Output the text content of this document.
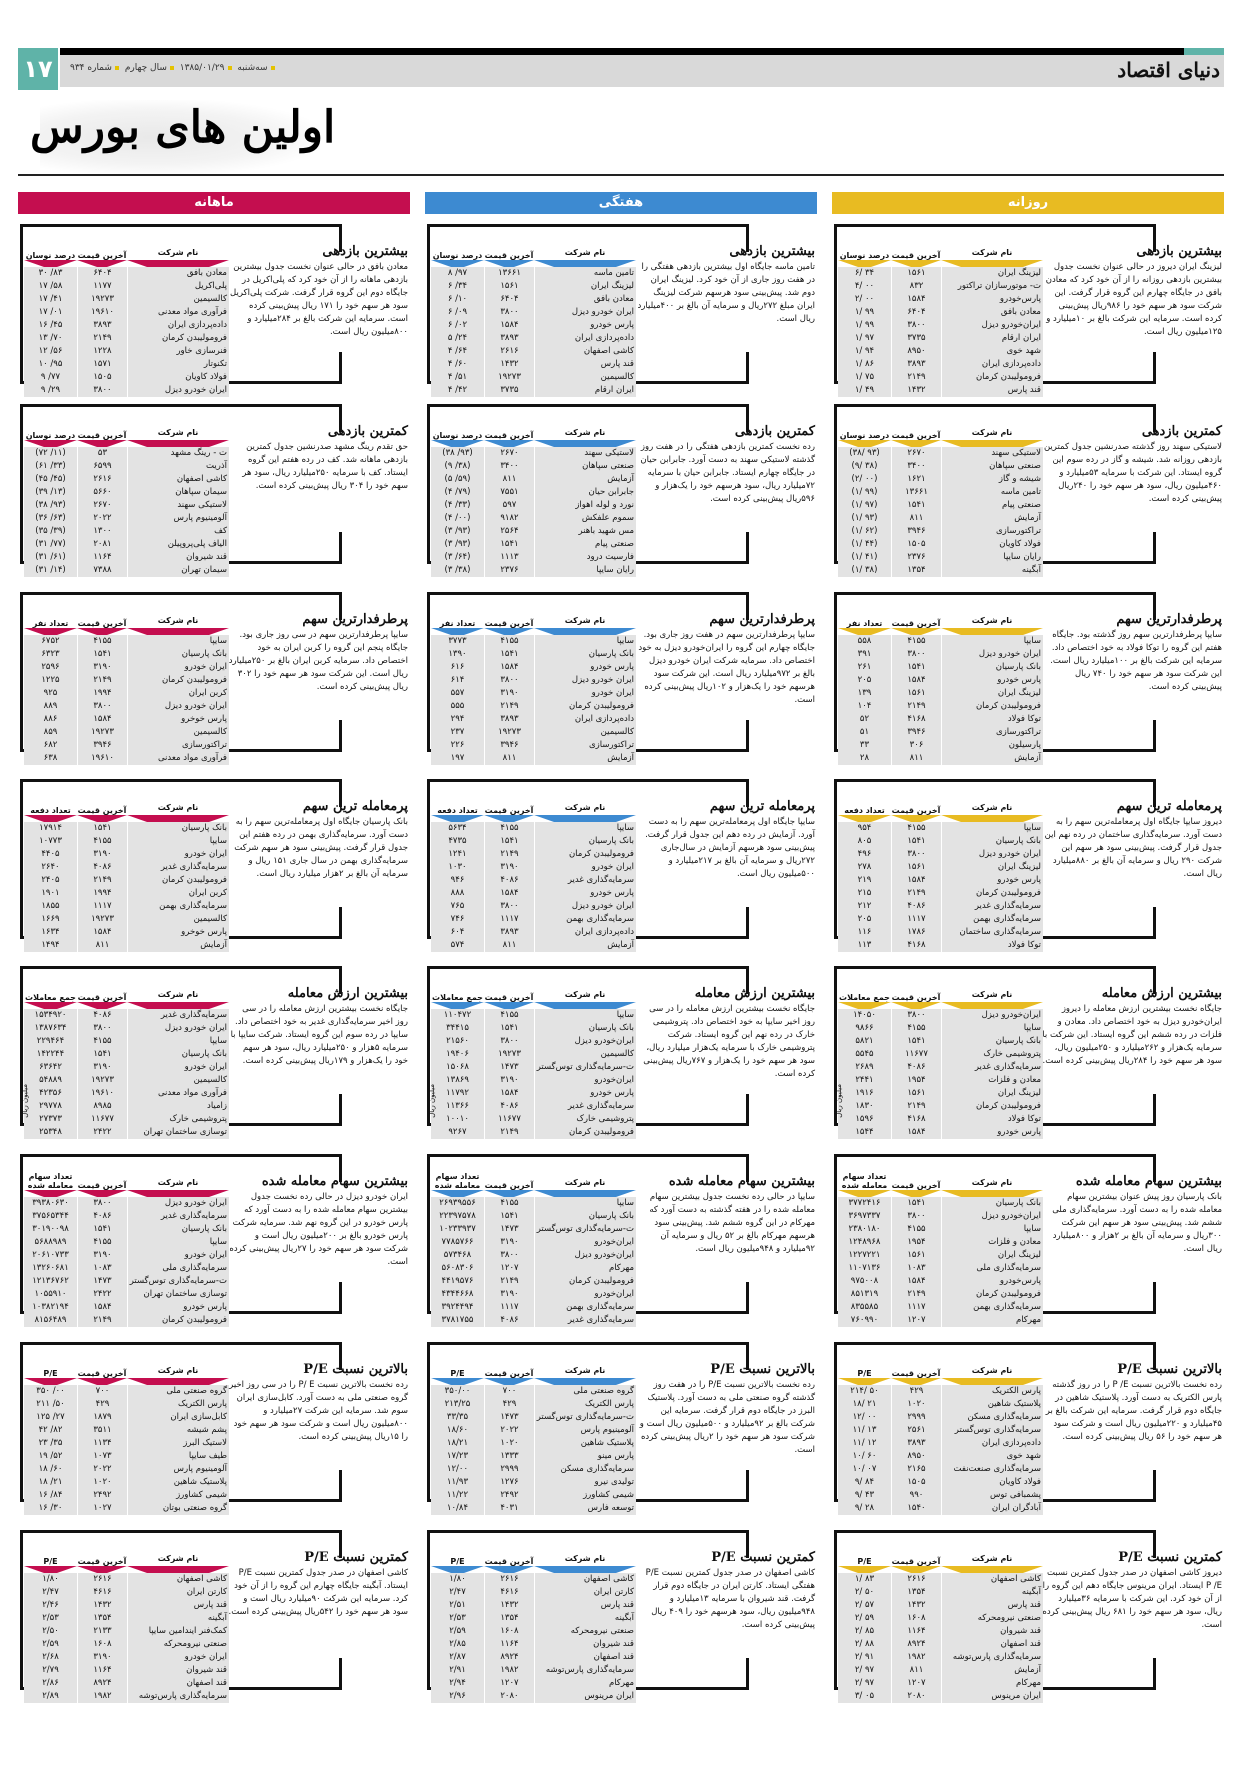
۱۷	سه‌شنبه ۱۳۸۵/۰۱/۲۹ سال چهارم شماره ۹۳۴	دنیای اقتصاد
اولین های بورس
روزانه
نام شرکت
آخرین قیمت
درصد نوسان
لیزینگ ایران
۱۵۶۱
۶/ ۳۴
ت- موتورسازان تراکتور
۸۳۲
۴/ ۰۰
پارس‌خودرو
۱۵۸۴
۲/ ۰۰
معادن بافق
۶۴۰۴
۱/ ۹۹
ایران‌خودرو دیزل
۳۸۰۰
۱/ ۹۹
ایران ارقام
۳۷۳۵
۱/ ۹۷
شهد خوی
۸۹۵۰
۱/ ۹۴
داده‌پردازی ایران
۳۸۹۳
۱/ ۸۶
فرومولیبدن کرمان
۲۱۴۹
۱/ ۷۵
قند پارس
۱۴۳۲
۱/ ۴۹
بیشترین بازدهی
لیزینگ ایران دیروز در حالی عنوان نخست جدول بیشترین بازدهی روزانه را از آن خود کرد که معادن بافق در جایگاه چهارم این گروه قرار گرفت. این شرکت سود هر سهم خود را ۹۸۶ریال پیش‌بینی کرده است. سرمایه این شرکت بالغ بر ۱۰میلیارد و ۱۲۵میلیون ریال است.
نام شرکت
آخرین قیمت
درصد نوسان
لاستیکی سهند
۲۶۷۰
(۳۸/ ۹۳)
صنعتی سپاهان
۳۴۰۰
(۹/ ۳۸)
شیشه و گاز
۱۶۲۱
(۲/ ۰۰)
تامین ماسه
۱۳۶۶۱
(۱/ ۹۹)
صنعتی پیام
۱۵۴۱
(۱/ ۹۷)
آزمایش
۸۱۱
(۱/ ۹۳)
تراکتورسازی
۳۹۴۶
(۱/ ۶۲)
فولاد کاویان
۱۵۰۵
(۱/ ۴۴)
رایان سایپا
۲۳۷۶
(۱/ ۴۱)
آبگینه
۱۳۵۴
(۱/ ۳۸)
کمترین بازدهی
لاستیکی سهند روز گذشته صدرنشین جدول کمترین بازدهی روزانه شد. شیشه و گاز در رده سوم این گروه ایستاد. این شرکت با سرمایه ۵۳میلیارد و ۴۶۰میلیون ریال، سود هر سهم خود را ۲۴۰ریال پیش‌بینی کرده است.
نام شرکت
آخرین قیمت
تعداد نفر
سایپا
۴۱۵۵
۵۵۸
ایران خودرو دیزل
۳۸۰۰
۳۹۱
بانک پارسیان
۱۵۴۱
۲۶۱
پارس خودرو
۱۵۸۴
۲۰۵
لیزینگ ایران
۱۵۶۱
۱۳۹
فرومولیبدن کرمان
۲۱۴۹
۱۰۴
توکا فولاد
۴۱۶۸
۵۲
تراکتورسازی
۳۹۴۶
۵۱
پارسیلون
۳۰۶
۳۳
آزمایش
۸۱۱
۲۸
پرطرفدارترین سهم
سایپا پرطرفدارترین سهم روز گذشته بود. جایگاه هفتم این گروه را توکا فولاد به خود اختصاص داد. سرمایه این شرکت بالغ بر ۱۰۰میلیارد ریال است. این شرکت سود هر سهم خود را ۷۴۰ ریال پیش‌بینی کرده است.
نام شرکت
آخرین قیمت
تعداد دفعه
سایپا
۴۱۵۵
۹۵۴
بانک پارسیان
۱۵۴۱
۸۰۵
ایران خودرو دیزل
۳۸۰۰
۴۹۶
لیزینگ ایران
۱۵۶۱
۲۷۸
پارس خودرو
۱۵۸۴
۲۱۹
فرومولیبدن کرمان
۲۱۴۹
۲۱۵
سرمایه‌گذاری غدیر
۴۰۸۶
۲۱۲
سرمایه‌گذاری بهمن
۱۱۱۷
۲۰۵
سرمایه‌گذاری ساختمان
۱۷۸۶
۱۱۶
توکا فولاد
۴۱۶۸
۱۱۳
پرمعامله ترین سهم
دیروز سایپا جایگاه اول پرمعامله‌ترین سهم را به دست آورد. سرمایه‌گذاری ساختمان در رده نهم این جدول قرار گرفت. پیش‌بینی سود هر سهم این شرکت ۲۹۰ ریال و سرمایه آن بالغ بر ۸۸۰میلیارد ریال است.
نام شرکت
آخرین قیمت
جمع معاملات
ایران‌خودرو دیزل
۳۸۰۰
۱۴۰۵۰
سایپا
۴۱۵۵
۹۸۶۶
بانک پارسیان
۱۵۴۱
۵۸۲۱
پتروشیمی خارک
۱۱۶۷۷
۵۵۴۵
سرمایه‌گذاری غدیر
۴۰۸۶
۲۶۸۹
معادن و فلزات
۱۹۵۴
۲۴۴۱
لیزینگ ایران
۱۵۶۱
۱۹۱۶
فرومولیبدن کرمان
۲۱۴۹
۱۸۳۰
توکا فولاد
۴۱۶۸
۱۵۹۶
پارس خودرو
۱۵۸۴
۱۵۴۴
بیشترین ارزش معامله
جایگاه نخست بیشترین ارزش معامله را دیروز ایران‌خودرو دیزل به خود اختصاص داد. معادن و فلزات در رده ششم این گروه ایستاد. این شرکت با سرمایه یک‌هزار و ۲۶۲میلیارد و ۲۵۰میلیون ریال، سود هر سهم خود را ۲۸۴ریال پیش‌بینی کرده است.
میلیون ریال
نام شرکت
آخرین قیمت
تعداد سهام معامله شده
بانک پارسیان
۱۵۴۱
۳۷۷۲۴۱۶
ایران‌خودرو دیزل
۳۸۰۰
۳۶۹۷۳۳۷
سایپا
۴۱۵۵
۲۳۸۰۱۸۰
معادن و فلزات
۱۹۵۴
۱۲۴۸۹۶۸
لیزینگ ایران
۱۵۶۱
۱۲۲۷۲۲۱
سرمایه‌گذاری ملی
۱۰۸۳
۱۱۰۷۱۳۶
پارس‌خودرو
۱۵۸۴
۹۷۵۰۰۸
فرومولیبدن کرمان
۲۱۴۹
۸۵۱۳۱۹
سرمایه‌گذاری بهمن
۱۱۱۷
۸۳۵۵۸۵
مهرکام
۱۲۰۷
۷۶۰۹۹۰
بیشترین سهام معامله شده
بانک پارسیان روز پیش عنوان بیشترین سهام معامله شده را به دست آورد. سرمایه‌گذاری ملی ششم شد. پیش‌بینی سود هر سهم این شرکت ۳۰۰ریال و سرمایه آن بالغ بر ۲هزار و ۸۰۰میلیارد ریال است.
نام شرکت
آخرین قیمت
P/E
پارس الکتریک
۴۲۹
۲۱۴/ ۵۰
پلاستیک شاهین
۱۰۲۰
۱۸/ ۲۱
سرمایه‌گذاری مسکن
۲۹۹۹
۱۲/ ۰۰
سرمایه‌گذاری توس‌گستر
۲۵۶۱
۱۱/ ۱۳
داده‌پردازی ایران
۳۸۹۳
۱۱/ ۱۲
شهد خوی
۸۹۵۰
۱۰/ ۶۰
سرمایه‌گذاری صنعت‌نفت
۲۱۶۵
۱۰/ ۰۷
فولاد کاویان
۱۵۰۵
۹/ ۸۴
پشمبافی توس
۹۹۰
۹/ ۴۳
آبادگران ایران
۱۵۴۰
۹/ ۲۸
بالاترین نسبت P/E
رده نخست بالاترین نسبت P /E را در روز گذشته پارس الکتریک به دست آورد. پلاستیک شاهین در جایگاه دوم قرار گرفت. سرمایه این شرکت بالغ بر ۴۵میلیارد و ۲۲۰میلیون ریال است و شرکت سود هر سهم خود را ۵۶ ریال پیش‌بینی کرده است.
نام شرکت
آخرین قیمت
P/E
کاشی اصفهان
۲۶۱۶
۱/ ۸۳
آبگینه
۱۳۵۴
۲/ ۵۰
قند پارس
۱۴۳۲
۲/ ۵۷
صنعتی نیرومحرکه
۱۶۰۸
۲/ ۵۹
قند شیروان
۱۱۶۴
۲/ ۸۵
قند اصفهان
۸۹۲۴
۲/ ۸۸
سرمایه‌گذاری پارس‌توشه
۱۹۸۲
۲/ ۹۱
آزمایش
۸۱۱
۲/ ۹۷
مهرکام
۱۲۰۷
۲/ ۹۷
ایران مرینوس
۲۰۸۰
۳/ ۰۵
کمترین نسبت P/E
دیروز کاشی اصفهان در صدر جدول کمترین نسبت P /E ایستاد. ایران مرینوس جایگاه دهم این گروه را از آن خود کرد. این شرکت با سرمایه ۳۶میلیارد ریال، سود هر سهم خود را ۶۸۱ ریال پیش‌بینی کرده است.
هفتگی
نام شرکت
آخرین قیمت
درصد نوسان
تامین ماسه
۱۳۶۶۱
۸ /۹۷
لیزینگ ایران
۱۵۶۱
۶ /۳۴
معادن بافق
۶۴۰۴
۶ /۱۰
ایران خودرو دیزل
۳۸۰۰
۶ /۰۹
پارس خودرو
۱۵۸۴
۶ /۰۲
داده‌پردازی ایران
۳۸۹۳
۵ /۲۴
کاشی اصفهان
۲۶۱۶
۴ /۶۴
قند پارس
۱۴۳۲
۴ /۶۰
کالسیمین
۱۹۲۷۳
۴ /۵۱
ایران ارقام
۳۷۳۵
۴ /۴۲
بیشترین بازدهی
تامین ماسه جایگاه اول بیشترین بازدهی هفتگی را در هفت روز جاری از آن خود کرد. لیزینگ ایران دوم شد. پیش‌بینی سود هرسهم شرکت لیزینگ ایران مبلغ ۲۷۲ریال و سرمایه آن بالغ بر ۴۰۰میلیارد ریال است.
نام شرکت
آخرین قیمت
درصد نوسان
لاستیکی سهند
۲۶۷۰
(۳۸ /۹۳)
صنعتی سپاهان
۳۴۰۰
(۹ /۳۸)
آزمایش
۸۱۱
(۵ /۵۹)
جابرابن حیان
۷۵۵۱
(۴ /۷۹)
نورد و لوله اهواز
۵۹۷
(۴ /۳۳)
سموم علفکش
۹۱۸۲
(۴ /۰۰)
مس شهید باهنر
۲۵۶۴
(۳ /۹۳)
صنعتی پیام
۱۵۴۱
(۳ /۹۳)
فارسیت درود
۱۱۱۳
(۳ /۶۴)
رایان سایپا
۲۳۷۶
(۳ /۳۸)
کمترین بازدهی
رده نخست کمترین بازدهی هفتگی را در هفت روز گذشته لاستیکی سهند به دست آورد. جابرابن حیان در جایگاه چهارم ایستاد. جابرابن حیان با سرمایه ۷۲میلیارد ریال، سود هرسهم خود را یک‌هزار و ۵۹۶ریال پیش‌بینی کرده است.
نام شرکت
آخرین قیمت
تعداد نفر
سایپا
۴۱۵۵
۳۷۷۳
بانک پارسیان
۱۵۴۱
۱۳۹۰
پارس خودرو
۱۵۸۴
۶۱۶
ایران خودرو دیزل
۳۸۰۰
۶۱۴
ایران خودرو
۳۱۹۰
۵۵۷
فرومولیبدن کرمان
۲۱۴۹
۵۵۵
داده‌پردازی ایران
۳۸۹۳
۲۹۴
کالسیمین
۱۹۲۷۳
۲۳۷
تراکتورسازی
۳۹۴۶
۲۲۶
آزمایش
۸۱۱
۱۹۷
پرطرفدارترین سهم
سایپا پرطرفدارترین سهم در هفت روز جاری بود. جایگاه چهارم این گروه را ایران‌خودرو دیزل به خود اختصاص داد. سرمایه شرکت ایران خودرو دیزل بالغ بر ۹۷۲میلیارد ریال است. این شرکت سود هرسهم خود را یک‌هزار و ۱۰۲ریال پیش‌بینی کرده است.
نام شرکت
آخرین قیمت
تعداد دفعه
سایپا
۴۱۵۵
۵۶۳۴
بانک پارسیان
۱۵۴۱
۴۷۳۵
فرومولیبدن کرمان
۲۱۴۹
۱۲۴۱
ایران خودرو
۳۱۹۰
۱۰۳۰
سرمایه‌گذاری غدیر
۴۰۸۶
۹۴۶
پارس خودرو
۱۵۸۴
۸۸۸
ایران خودرو دیزل
۳۸۰۰
۷۶۵
سرمایه‌گذاری بهمن
۱۱۱۷
۷۴۶
داده‌پردازی ایران
۳۸۹۳
۶۰۴
آزمایش
۸۱۱
۵۷۴
پرمعامله ترین سهم
سایپا جایگاه اول پرمعامله‌ترین سهم را به دست آورد. آزمایش در رده دهم این جدول قرار گرفت. پیش‌بینی سود هرسهم آزمایش در سال‌جاری ۲۷۲ریال و سرمایه آن بالغ بر ۲۱۷میلیارد و ۵۰۰میلیون ریال است.
نام شرکت
آخرین قیمت
جمع معاملات
سایپا
۴۱۵۵
۱۱۰۴۷۲
بانک پارسیان
۱۵۴۱
۳۴۴۱۵
ایران‌خودرو دیزل
۳۸۰۰
۲۱۵۶۰
کالسیمین
۱۹۲۷۳
۱۹۴۰۶
ت-سرمایه‌گذاری توس‌گستر
۱۴۷۳
۱۵۰۶۸
ایران‌خودرو
۳۱۹۰
۱۳۸۶۹
پارس خودرو
۱۵۸۴
۱۱۷۹۲
سرمایه‌گذاری غدیر
۴۰۸۶
۱۱۳۶۶
پتروشیمی خارک
۱۱۶۷۷
۱۰۰۱۰
فرومولیبدن کرمان
۲۱۴۹
۹۲۶۷
بیشترین ارزش معامله
جایگاه نخست بیشترین ارزش معامله را در سی روز اخیر سایپا به خود اختصاص داد. پتروشیمی خارک در رده نهم این گروه ایستاد. شرکت پتروشیمی خارک با سرمایه یک‌هزار میلیارد ریال، سود هر سهم خود را یک‌هزار و ۷۶۷ریال پیش‌بینی کرده است.
میلیون ریال
نام شرکت
آخرین قیمت
تعداد سهام معامله شده
سایپا
۴۱۵۵
۲۶۹۳۹۵۵۶
بانک پارسیان
۱۵۴۱
۲۲۳۹۷۵۷۸
ت-سرمایه‌گذاری توس‌گستر
۱۴۷۳
۱۰۲۳۳۹۳۷
ایران‌خودرو
۳۱۹۰
۷۷۸۵۷۶۶
ایران‌خودرو دیزل
۳۸۰۰
۵۷۳۴۶۸
مهرکام
۱۲۰۷
۵۶۰۸۳۰۶
فرومولیبدن کرمان
۲۱۴۹
۴۴۱۹۵۷۶
ایران‌خودرو
۳۱۹۰
۴۳۴۴۶۶۸
سرمایه‌گذاری بهمن
۱۱۱۷
۳۹۲۴۴۹۴
سرمایه‌گذاری غدیر
۴۰۸۶
۳۷۸۱۷۵۵
بیشترین سهام معامله شده
سایپا در حالی رده نخست جدول بیشترین سهام معامله شده را در هفته گذشته به دست آورد که مهرکام در این گروه ششم شد. پیش‌بینی سود هرسهم مهرکام بالغ بر ۵۲ ریال و سرمایه آن ۹۲میلیارد و ۹۴۸میلیون ریال است.
نام شرکت
آخرین قیمت
P/E
گروه صنعتی ملی
۷۰۰
۳۵۰/۰۰
پارس الکتریک
۴۲۹
۲۱۳/۲۵
ت-سرمایه‌گذاری توس‌گستر
۱۴۷۳
۳۳/۳۵
آلومینیوم پارس
۲۰۲۲
۱۸/۶۰
پلاستیک شاهین
۱۰۲۰
۱۸/۲۱
پارس مینو
۱۳۳۳
۱۷/۲۳
سرمایه‌گذاری مسکن
۲۹۹۹
۱۲/۰۰
تولیدی نیرو
۱۲۷۶
۱۱/۹۳
شیمی کشاورز
۲۴۹۲
۱۱/۲۲
توسعه فارس
۴۰۳۱
۱۰/۸۴
بالاترین نسبت P/E
رده نخست بالاترین نسبت P/E را در هفت روز گذشته گروه صنعتی ملی به دست آورد. پلاستیک البرز در جایگاه دوم قرار گرفت. سرمایه این شرکت بالغ بر ۹۲میلیارد و ۵۰۰میلیون ریال است و شرکت سود هر سهم خود را ۲ریال پیش‌بینی کرده است.
نام شرکت
آخرین قیمت
P/E
کاشی اصفهان
۲۶۱۶
۱/۸۰
کارتن ایران
۴۶۱۶
۲/۴۷
قند پارس
۱۴۳۲
۲/۵۱
آبگینه
۱۳۵۴
۲/۵۳
صنعتی نیرومحرکه
۱۶۰۸
۲/۵۹
قند شیروان
۱۱۶۴
۲/۸۵
قند اصفهان
۸۹۲۴
۲/۸۷
سرمایه‌گذاری پارس‌توشه
۱۹۸۲
۲/۹۱
مهرکام
۱۲۰۷
۲/۹۴
ایران مرینوس
۲۰۸۰
۲/۹۶
کمترین نسبت P/E
کاشی اصفهان در صدر جدول کمترین نسبت P/E هفتگی ایستاد. کارتن ایران در جایگاه دوم قرار گرفت. قند شیروان با سرمایه ۱۳میلیارد و ۹۴۸میلیون ریال، سود هرسهم خود را ۴۰۹ ریال پیش‌بینی کرده است.
ماهانه
نام شرکت
آخرین قیمت
درصد نوسان
معادن بافق
۶۴۰۴
۳۰ /۸۳
پلی‌اکریل
۱۱۷۷
۱۷ /۵۸
کالسیمین
۱۹۲۷۳
۱۷ /۴۱
فرآوری مواد معدنی
۱۹۶۱۰
۱۷ /۰۱
داده‌پردازی ایران
۳۸۹۳
۱۶ /۴۵
فرومولیبدن کرمان
۲۱۴۹
۱۳ /۷۰
فنرسازی خاور
۱۲۲۸
۱۲ /۵۶
تکنوتار
۱۵۷۱
۱۰ /۹۵
فولاد کاویان
۱۵۰۵
۹ /۷۷
ایران خودرو دیزل
۳۸۰۰
۹ /۲۹
بیشترین بازدهی
معادن بافق در حالی عنوان نخست جدول بیشترین بازدهی ماهانه را از آن خود کرد که پلی‌اکریل در جایگاه دوم این گروه قرار گرفت. شرکت پلی‌اکریل سود هر سهم خود را ۱۷۱ ریال پیش‌بینی کرده است. سرمایه این شرکت بالغ بر ۲۸۴میلیارد و ۸۰۰میلیون ریال است.
نام شرکت
آخرین قیمت
درصد نوسان
ت - رینگ مشهد
۵۳
(۷۲ /۱۱)
آذریت
۶۵۹۹
(۶۱ /۳۳)
کاشی اصفهان
۲۶۱۶
(۴۵ /۴۵)
سیمان سپاهان
۵۶۶۰
(۳۹ /۱۳)
لاستیکی سهند
۲۶۷۰
(۳۸ /۹۳)
آلومینیوم پارس
۲۰۲۲
(۳۶ /۶۳)
کف
۱۳۰۰
(۳۵ /۳۹)
الیاف پلی‌پروپیلن
۲۰۸۱
(۳۱ /۷۷)
قند شیروان
۱۱۶۴
(۳۱ /۶۱)
سیمان تهران
۷۳۸۸
(۳۱ /۱۴)
کمترین بازدهی
حق تقدم رینگ مشهد صدرنشین جدول کمترین بازدهی ماهانه شد. کف در رده هفتم این گروه ایستاد. کف با سرمایه ۲۵۰میلیارد ریال، سود هر سهم خود را ۳۰۴ ریال پیش‌بینی کرده است.
نام شرکت
آخرین قیمت
تعداد نفر
سایپا
۴۱۵۵
۶۷۵۲
بانک پارسیان
۱۵۴۱
۶۳۲۳
ایران خودرو
۳۱۹۰
۲۵۹۶
فرومولیبدن کرمان
۲۱۴۹
۱۲۲۵
کربن ایران
۱۹۹۴
۹۲۵
ایران خودرو دیزل
۳۸۰۰
۸۸۹
پارس خوخرو
۱۵۸۴
۸۸۶
کالسیمین
۱۹۲۷۳
۸۵۹
تراکتورسازی
۳۹۴۶
۶۸۲
فرآوری مواد معدنی
۱۹۶۱۰
۶۳۸
پرطرفدارترین سهم
سایپا پرطرفدارترین سهم در سی روز جاری بود. جایگاه پنجم این گروه را کربن ایران به خود اختصاص داد. سرمایه کربن ایران بالغ بر ۲۵۰میلیارد ریال است. این شرکت سود هر سهم خود را ۳۰۲ ریال پیش‌بینی کرده است.
نام شرکت
آخرین قیمت
تعداد دفعه
بانک پارسیان
۱۵۴۱
۱۷۹۱۴
سایپا
۴۱۵۵
۱۰۷۷۳
ایران خودرو
۳۱۹۰
۴۴۰۵
سرمایه‌گذاری غدیر
۴۰۸۶
۲۶۴۰
فرومولیبدن کرمان
۲۱۴۹
۲۴۰۵
کربن ایران
۱۹۹۴
۱۹۰۱
سرمایه‌گذاری بهمن
۱۱۱۷
۱۸۵۵
کالسیمین
۱۹۲۷۳
۱۶۶۹
پارس خوخرو
۱۵۸۴
۱۶۳۴
آزمایش
۸۱۱
۱۴۹۴
پرمعامله ترین سهم
بانک پارسیان جایگاه اول پرمعامله‌ترین سهم را به دست آورد. سرمایه‌گذاری بهمن در رده هفتم این جدول قرار گرفت. پیش‌بینی سود هر سهم شرکت سرمایه‌گذاری بهمن در سال جاری ۱۵۱ ریال و سرمایه آن بالغ بر ۲هزار میلیارد ریال است.
نام شرکت
آخرین قیمت
جمع معاملات
سرمایه‌گذاری غدیر
۴۰۸۶
۱۵۳۴۹۲۰
ایران خودرو دیزل
۳۸۰۰
۱۳۸۷۶۳۴
سایپا
۴۱۵۵
۲۲۹۴۶۴
بانک پارسیان
۱۵۴۱
۱۴۲۲۴۴
ایران خودرو
۳۱۹۰
۶۳۶۴۲
کالسیمین
۱۹۲۷۳
۵۴۸۸۹
فرآوری مواد معدنی
۱۹۶۱۰
۴۲۳۵۶
زامیاد
۸۹۸۵
۲۹۷۷۸
پتروشیمی خارک
۱۱۶۷۷
۲۷۳۷۳
توسازی ساختمان تهران
۲۴۲۲
۲۵۳۴۸
بیشترین ارزش معامله
جایگاه نخست بیشترین ارزش معامله را در سی روز اخیر سرمایه‌گذاری غدیر به خود اختصاص داد. سایپا در رده سوم این گروه ایستاد. شرکت سایپا با سرمایه ۵هزار و ۲۵۰میلیارد ریال، سود هر سهم خود را یک‌هزار و ۱۷۹ریال پیش‌بینی کرده است.
میلیون ریال
نام شرکت
آخرین قیمت
تعداد سهام معامله شده
ایران خودرو دیزل
۳۸۰۰
۳۹۳۸۰۶۳۰
سرمایه‌گذاری غدیر
۴۰۸۶
۳۷۵۶۵۳۴۴
بانک پارسیان
۱۵۴۱
۳۰۱۹۰۰۹۸
سایپا
۴۱۵۵
۵۶۸۸۹۸۹
ایران خودرو
۳۱۹۰
۲۰۶۱۰۷۳۳
سرمایه‌گذاری ملی
۱۰۸۳
۱۳۲۶۰۶۸۱
ت-سرمایه‌گذاری توس‌گستر
۱۴۷۳
۱۲۱۳۶۷۶۲
توسازی ساختمان تهران
۲۴۲۲
۱۰۵۵۹۱۰
پارس خودرو
۱۵۸۴
۱۰۳۸۲۱۹۴
فرومولیبدن کرمان
۲۱۴۹
۸۱۵۶۴۸۹
بیشترین سهام معامله شده
ایران خودرو دیزل در حالی رده نخست جدول بیشترین سهام معامله شده را به دست آورد که پارس خودرو در این گروه نهم شد. سرمایه شرکت پارس خودرو بالغ بر ۲۰۰میلیون ریال است و شرکت سود هر سهم خود را ۲۷ریال پیش‌بینی کرده است.
نام شرکت
آخرین قیمت
P/E
گروه صنعتی ملی
۷۰۰
۳۵۰ /۰۰
پارس الکتریک
۴۲۹
۲۱۱ /۵۰
کابل‌سازی ایران
۱۸۷۹
۱۲۵ /۲۷
پشم شیشه
۳۵۱۱
۴۲ /۸۲
لاستیک البرز
۱۱۳۴
۲۳ /۳۵
طیف سایپا
۱۰۷۳
۱۹ /۵۲
آلومینیوم پارس
۲۰۲۲
۱۸ /۶۰
پلاستیک شاهین
۱۰۲۰
۱۸ /۲۱
شیمی کشاورز
۲۴۹۲
۱۶ /۸۴
گروه صنعتی بوتان
۱۰۲۷
۱۶ /۳۰
بالاترین نسبت P/E
رده نخست بالاترین نسبت P/ E را در سی روز اخیر گروه صنعتی ملی به دست آورد. کابل‌سازی ایران سوم شد. سرمایه این شرکت ۲۷میلیارد و ۸۰۰میلیون ریال است و شرکت سود هر سهم خود را ۱۵ریال پیش‌بینی کرده است.
نام شرکت
آخرین قیمت
P/E
کاشی اصفهان
۲۶۱۶
۱/۸۰
کارتن ایران
۴۶۱۶
۲/۴۷
قند پارس
۱۴۳۲
۲/۴۶
آبگینه
۱۳۵۴
۲/۵۳
کمک‌فنر ایندامین سایپا
۲۱۳۳
۲/۵۰
صنعتی نیرومحرکه
۱۶۰۸
۲/۵۹
ایران خودرو
۳۱۹۰
۲/۶۸
قند شیروان
۱۱۶۴
۲/۷۹
قند اصفهان
۸۹۲۴
۲/۸۶
سرمایه‌گذاری پارس‌توشه
۱۹۸۲
۲/۸۹
کمترین نسبت P/E
کاشی اصفهان در صدر جدول کمترین نسبت P/E ایستاد. آبگینه جایگاه چهارم این گروه را از آن خود کرد. سرمایه این شرکت ۹۰میلیارد ریال است و سود هر سهم خود را ۵۴۲ریال پیش‌بینی کرده است.
